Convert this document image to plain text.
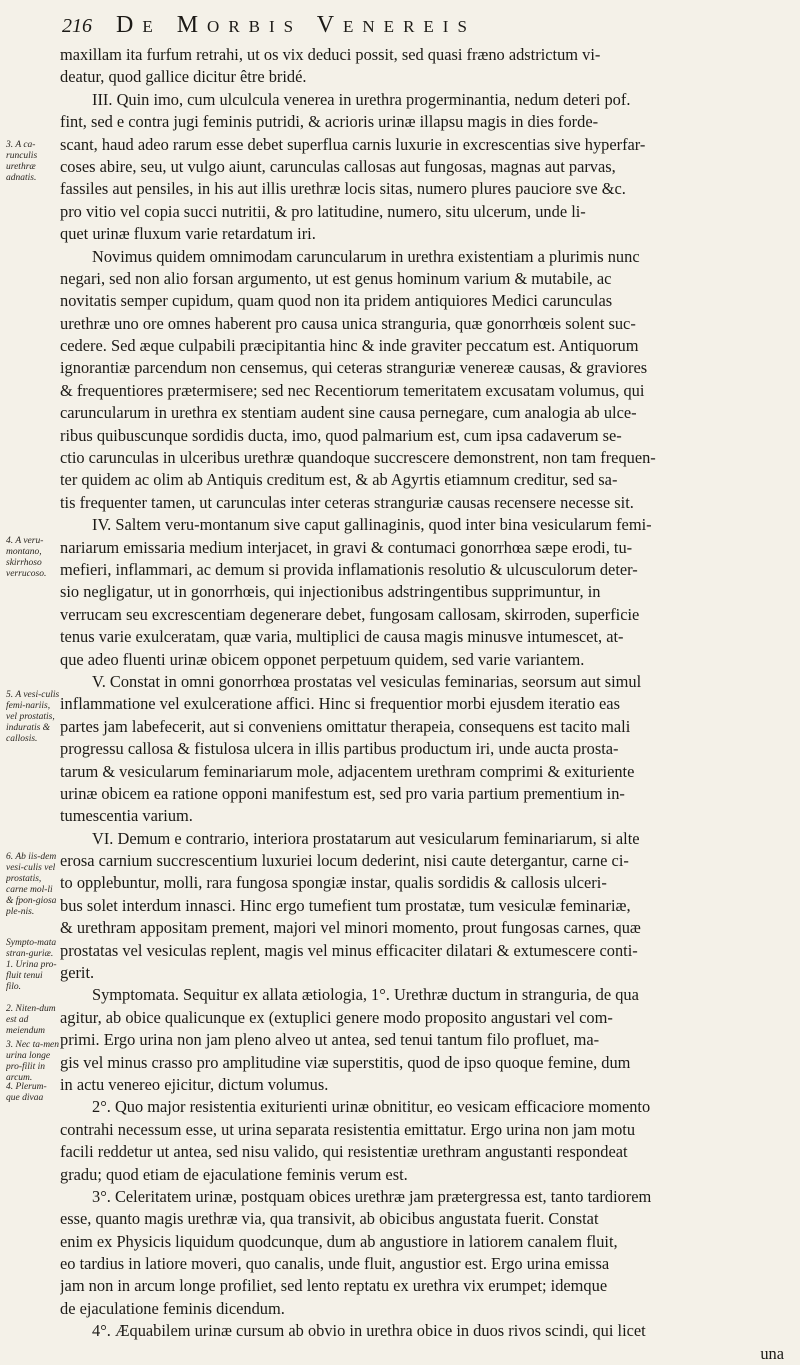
216 De Morbis Venereis
3. A ca-runculis urethræ adnatis.
4. A veru-montano, skirrhoso verrucoso.
5. A vesi-culis femi-nariis, vel prostatis, induratis & callosis.
6. Ab iis-dem vesi-culis vel prostatis, carne mol-li & fpon-giosa ple-nis.
Sympto-mata stran-guriæ. 1. Urina pro-fluit tenui filo.
2. Niten-dum est ad meiendum
3. Nec ta-men urina longe pro-filit in arcum.
4. Plerum-que divaa
maxillam ita furfum retrahi, ut os vix deduci possit, sed quasi fræno adstrictum vi-
deatur, quod gallice dicitur être bridé.
III. Quin imo, cum ulculcula venerea in urethra progerminantia, nedum deteri pof.
fint, sed e contra jugi feminis putridi, & acrioris urinæ illapsu magis in dies forde-
scant, haud adeo rarum esse debet superflua carnis luxurie in excrescentias sive hyperfar-
coses abire, seu, ut vulgo aiunt, carunculas callosas aut fungosas, magnas aut parvas,
fassiles aut pensiles, in his aut illis urethræ locis sitas, numero plures pauciore sve &c.
pro vitio vel copia succi nutritii, & pro latitudine, numero, situ ulcerum, unde li-
quet urinæ fluxum varie retardatum iri.
Novimus quidem omnimodam caruncularum in urethra existentiam a plurimis nunc
negari, sed non alio forsan argumento, ut est genus hominum varium & mutabile, ac
novitatis semper cupidum, quam quod non ita pridem antiquiores Medici carunculas
urethræ uno ore omnes haberent pro causa unica stranguria, quæ gonorrhœis solent suc-
cedere. Sed æque culpabili præcipitantia hinc & inde graviter peccatum est. Antiquorum
ignorantiæ parcendum non censemus, qui ceteras stranguriæ venereæ causas, & graviores
& frequentiores prætermisere; sed nec Recentiorum temeritatem excusatam volumus, qui
caruncularum in urethra ex stentiam audent sine causa pernegare, cum analogia ab ulce-
ribus quibuscunque sordidis ducta, imo, quod palmarium est, cum ipsa cadaverum se-
ctio carunculas in ulceribus urethræ quandoque succrescere demonstrent, non tam frequen-
ter quidem ac olim ab Antiquis creditum est, & ab Agyrtis etiamnum creditur, sed sa-
tis frequenter tamen, ut carunculas inter ceteras stranguriæ causas recensere necesse sit.
IV. Saltem veru-montanum sive caput gallinaginis, quod inter bina vesicularum femi-
nariarum emissaria medium interjacet, in gravi & contumaci gonorrhœa sæpe erodi, tu-
mefieri, inflammari, ac demum si provida inflamationis resolutio & ulcusculorum deter-
sio negligatur, ut in gonorrhœis, qui injectionibus adstringentibus supprimuntur, in
verrucam seu excrescentiam degenerare debet, fungosam callosam, skirroden, superficie
tenus varie exulceratam, quæ varia, multiplici de causa magis minusve intumescet, at-
que adeo fluenti urinæ obicem opponet perpetuum quidem, sed varie variantem.
V. Constat in omni gonorrhœa prostatas vel vesiculas feminarias, seorsum aut simul
inflammatione vel exulceratione affici. Hinc si frequentior morbi ejusdem iteratio eas
partes jam labefecerit, aut si conveniens omittatur therapeia, consequens est tacito mali
progressu callosa & fistulosa ulcera in illis partibus productum iri, unde aucta prosta-
tarum & vesicularum feminariarum mole, adjacentem urethram comprimi & exituriente
urinæ obicem ea ratione opponi manifestum est, sed pro varia partium prementium in-
tumescentia varium.
VI. Demum e contrario, interiora prostatarum aut vesicularum feminariarum, si alte
erosa carnium succrescentium luxuriei locum dederint, nisi caute detergantur, carne ci-
to opplebuntur, molli, rara fungosa spongiæ instar, qualis sordidis & callosis ulceri-
bus solet interdum innasci. Hinc ergo tumefient tum prostatæ, tum vesiculæ feminariæ,
& urethram appositam prement, majori vel minori momento, prout fungosas carnes, quæ
prostatas vel vesiculas replent, magis vel minus efficaciter dilatari & extumescere conti-
gerit.
Symptomata. Sequitur ex allata ætiologia, 1°. Urethræ ductum in stranguria, de qua
agitur, ab obice qualicunque ex (extuplici genere modo proposito angustari vel com-
primi. Ergo urina non jam pleno alveo ut antea, sed tenui tantum filo profluet, ma-
gis vel minus crasso pro amplitudine viæ superstitis, quod de ipso quoque femine, dum
in actu venereo ejicitur, dictum volumus.
2°. Quo major resistentia exiturienti urinæ obnititur, eo vesicam efficaciore momento
contrahi necessum esse, ut urina separata resistentia emittatur. Ergo urina non jam motu
facili reddetur ut antea, sed nisu valido, qui resistentiæ urethram angustanti respondeat
gradu; quod etiam de ejaculatione feminis verum est.
3°. Celeritatem urinæ, postquam obices urethræ jam prætergressa est, tanto tardiorem
esse, quanto magis urethræ via, qua transivit, ab obicibus angustata fuerit. Constat
enim ex Physicis liquidum quodcunque, dum ab angustiore in latiorem canalem fluit,
eo tardius in latiore moveri, quo canalis, unde fluit, angustior est. Ergo urina emissa
jam non in arcum longe profiliet, sed lento reptatu ex urethra vix erumpet; idemque
de ejaculatione feminis dicendum.
4°. Æquabilem urinæ cursum ab obvio in urethra obice in duos rivos scindi, qui licet
una
